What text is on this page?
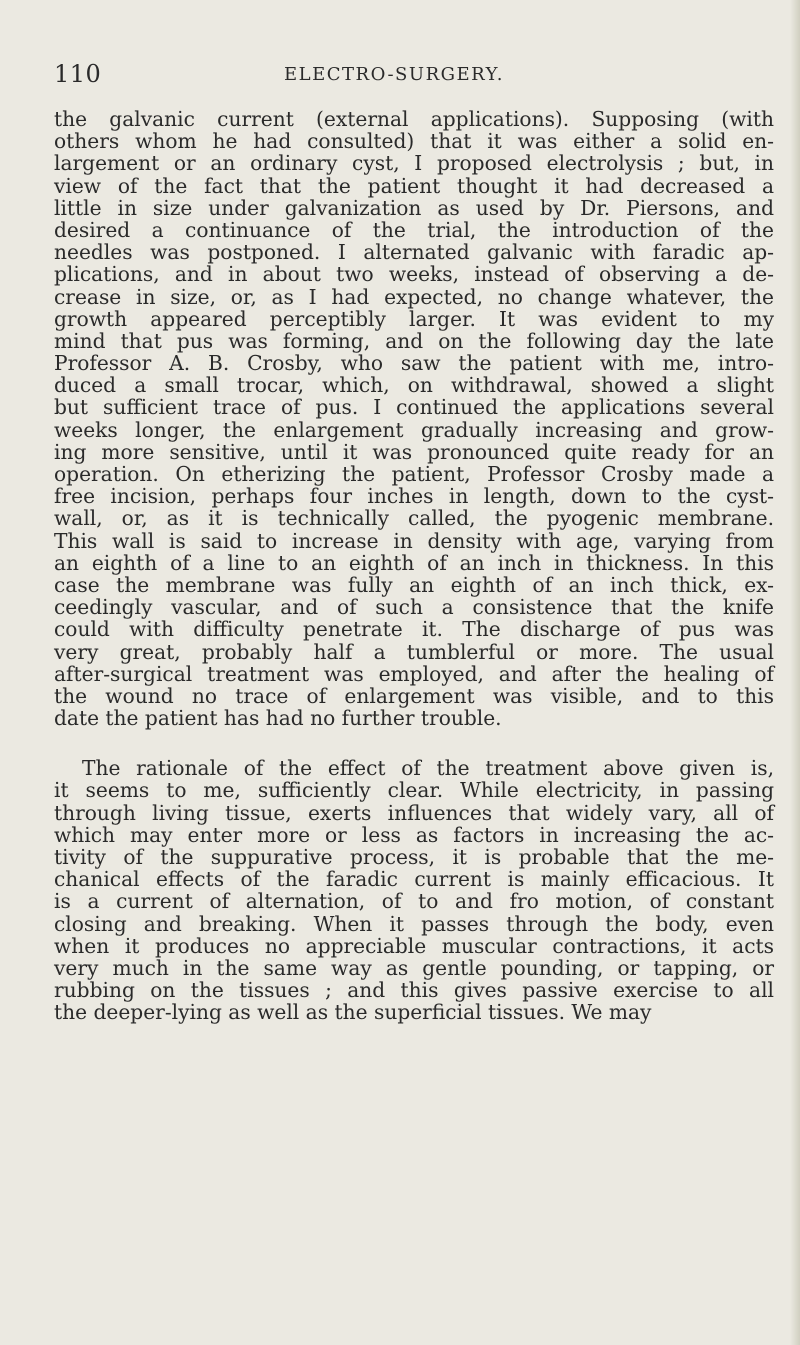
110	ELECTRO-SURGERY.
the galvanic current (external applications). Supposing (with
others whom he had consulted) that it was either a solid en-
largement or an ordinary cyst, I proposed electrolysis ; but, in
view of the fact that the patient thought it had decreased a
little in size under galvanization as used by Dr. Piersons, and
desired a continuance of the trial, the introduction of the
needles was postponed. I alternated galvanic with faradic ap-
plications, and in about two weeks, instead of observing a de-
crease in size, or, as I had expected, no change whatever, the
growth appeared perceptibly larger. It was evident to my
mind that pus was forming, and on the following day the late
Professor A. B. Crosby, who saw the patient with me, intro-
duced a small trocar, which, on withdrawal, showed a slight
but sufficient trace of pus. I continued the applications several
weeks longer, the enlargement gradually increasing and grow-
ing more sensitive, until it was pronounced quite ready for an
operation. On etherizing the patient, Professor Crosby made a
free incision, perhaps four inches in length, down to the cyst-
wall, or, as it is technically called, the pyogenic membrane.
This wall is said to increase in density with age, varying from
an eighth of a line to an eighth of an inch in thickness. In this
case the membrane was fully an eighth of an inch thick, ex-
ceedingly vascular, and of such a consistence that the knife
could with difficulty penetrate it. The discharge of pus was
very great, probably half a tumblerful or more. The usual
after-surgical treatment was employed, and after the healing of
the wound no trace of enlargement was visible, and to this
date the patient has had no further trouble.
The rationale of the effect of the treatment above given is,
it seems to me, sufficiently clear. While electricity, in passing
through living tissue, exerts influences that widely vary, all of
which may enter more or less as factors in increasing the ac-
tivity of the suppurative process, it is probable that the me-
chanical effects of the faradic current is mainly efficacious. It
is a current of alternation, of to and fro motion, of constant
closing and breaking. When it passes through the body, even
when it produces no appreciable muscular contractions, it acts
very much in the same way as gentle pounding, or tapping, or
rubbing on the tissues ; and this gives passive exercise to all
the deeper-lying as well as the superficial tissues. We may
